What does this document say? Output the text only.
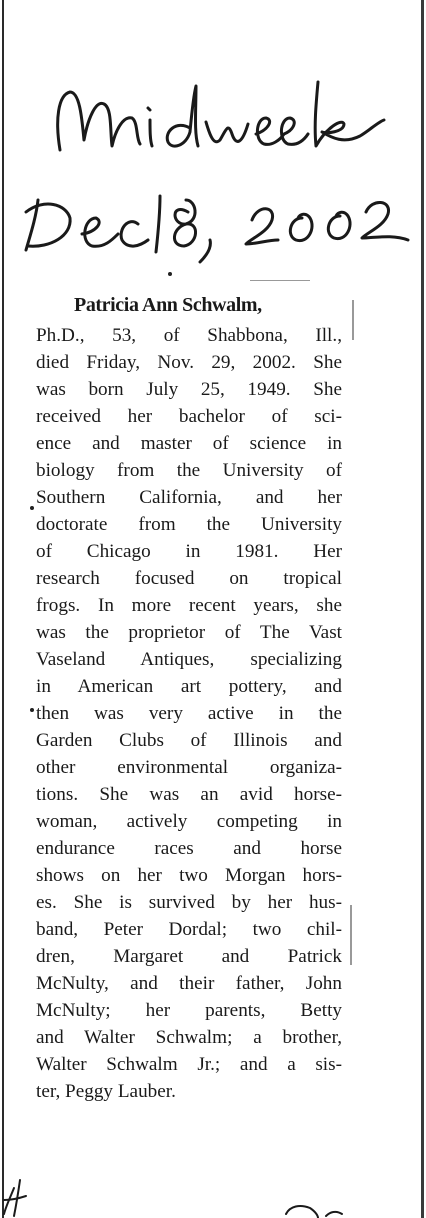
Patricia Ann Schwalm,
Ph.D., 53, of Shabbona, Ill.,
died Friday, Nov. 29, 2002. She
was born July 25, 1949. She
received her bachelor of sci-
ence and master of science in
biology from the University of
Southern California, and her
doctorate from the University
of Chicago in 1981. Her
research focused on tropical
frogs. In more recent years, she
was the proprietor of The Vast
Vaseland Antiques, specializing
in American art pottery, and
then was very active in the
Garden Clubs of Illinois and
other environmental organiza-
tions. She was an avid horse-
woman, actively competing in
endurance races and horse
shows on her two Morgan hors-
es. She is survived by her hus-
band, Peter Dordal; two chil-
dren, Margaret and Patrick
McNulty, and their father, John
McNulty; her parents, Betty
and Walter Schwalm; a brother,
Walter Schwalm Jr.; and a sis-
ter, Peggy Lauber.
